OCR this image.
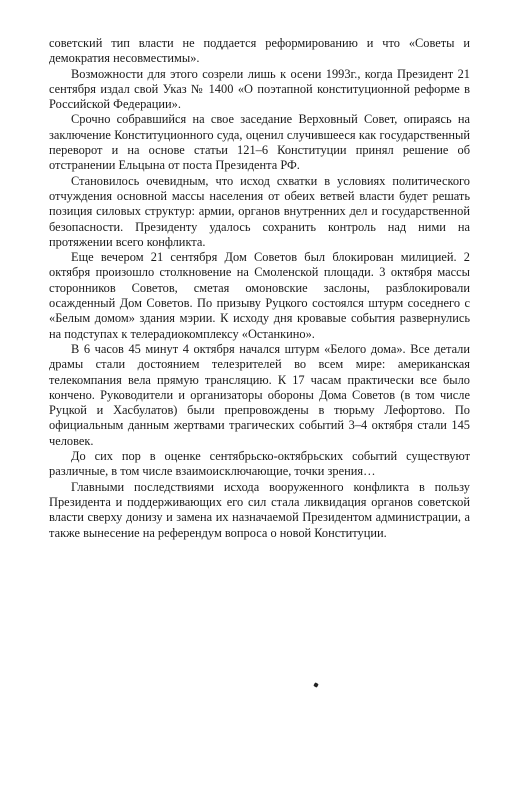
советский тип власти не поддается реформированию и что «Советы и демократия несовместимы».

Возможности для этого созрели лишь к осени 1993г., когда Президент 21 сентября издал свой Указ № 1400 «О поэтапной конституционной реформе в Российской Федерации».

Срочно собравшийся на свое заседание Верховный Совет, опираясь на заключение Конституционного суда, оценил случившееся как государственный переворот и на основе статьи 121–6 Конституции принял решение об отстранении Ельцына от поста Президента РФ.

Становилось очевидным, что исход схватки в условиях политического отчуждения основной массы населения от обеих ветвей власти будет решать позиция силовых структур: армии, органов внутренних дел и государственной безопасности. Президенту удалось сохранить контроль над ними на протяжении всего конфликта.

Еще вечером 21 сентября Дом Советов был блокирован милицией. 2 октября произошло столкновение на Смоленской площади. 3 октября массы сторонников Советов, сметая омоновские заслоны, разблокировали осажденный Дом Советов. По призыву Руцкого состоялся штурм соседнего с «Белым домом» здания мэрии. К исходу дня кровавые события развернулись на подступах к телерадиокомплексу «Останкино».

В 6 часов 45 минут 4 октября начался штурм «Белого дома». Все детали драмы стали достоянием телезрителей во всем мире: американская телекомпания вела прямую трансляцию. К 17 часам практически все было кончено. Руководители и организаторы обороны Дома Советов (в том числе Руцкой и Хасбулатов) были препровождены в тюрьму Лефортово. По официальным данным жертвами трагических событий 3–4 октября стали 145 человек.

До сих пор в оценке сентябрьско-октябрьских событий существуют различные, в том числе взаимоисключающие, точки зрения…

Главными последствиями исхода вооруженного конфликта в пользу Президента и поддерживающих его сил стала ликвидация органов советской власти сверху донизу и замена их назначаемой Президентом администрации, а также вынесение на референдум вопроса о новой Конституции.
